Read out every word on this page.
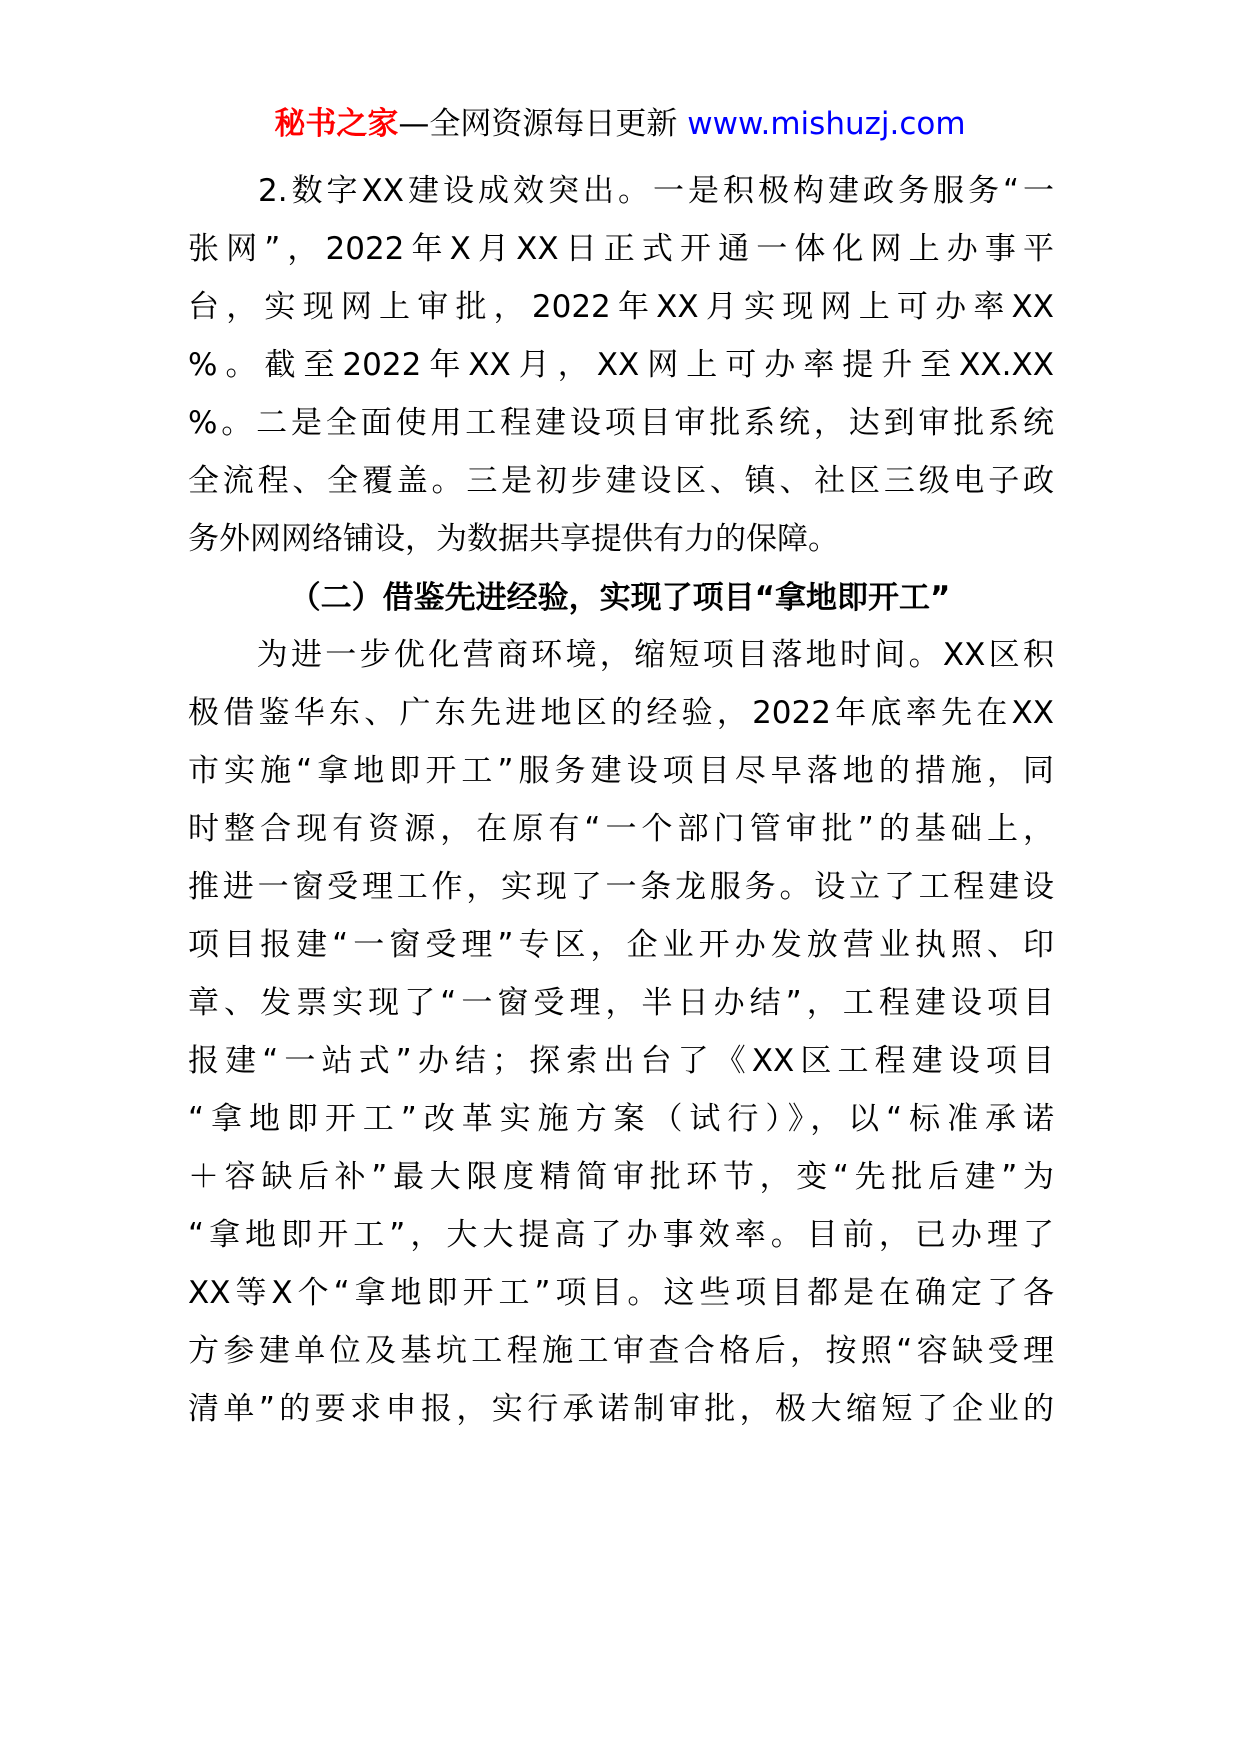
秘书之家—全网资源每日更新 www.mishuzj.com
　　2.数字XX建设成效突出。一是积极构建政务服务“一
张网”，2022年X月XX日正式开通一体化网上办事平
台，实现网上审批，2022年XX月实现网上可办率XX
%。截至2022年XX月，XX网上可办率提升至XX.XX
%。二是全面使用工程建设项目审批系统，达到审批系统
全流程、全覆盖。三是初步建设区、镇、社区三级电子政
务外网网络铺设，为数据共享提供有力的保障。
（二）借鉴先进经验，实现了项目“拿地即开工”
　　为进一步优化营商环境，缩短项目落地时间。XX区积
极借鉴华东、广东先进地区的经验，2022年底率先在XX
市实施“拿地即开工”服务建设项目尽早落地的措施，同
时整合现有资源，在原有“一个部门管审批”的基础上，
推进一窗受理工作，实现了一条龙服务。设立了工程建设
项目报建“一窗受理”专区，企业开办发放营业执照、印
章、发票实现了“一窗受理，半日办结”，工程建设项目
报建“一站式”办结；探索出台了《XX区工程建设项目
“拿地即开工”改革实施方案（试行）》，以“标准承诺
＋容缺后补”最大限度精简审批环节，变“先批后建”为
“拿地即开工”，大大提高了办事效率。目前，已办理了
XX等X个“拿地即开工”项目。这些项目都是在确定了各
方参建单位及基坑工程施工审查合格后，按照“容缺受理
清单”的要求申报，实行承诺制审批，极大缩短了企业的
